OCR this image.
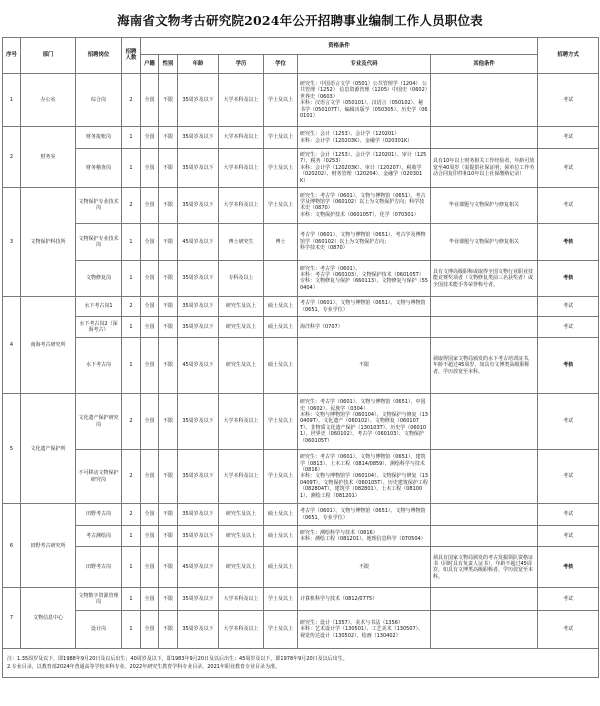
海南省文物考古研究院2024年公开招聘事业编制工作人员职位表
序号	部门	招聘岗位	招聘人数	资格条件							招聘方式
				户籍	性别	年龄	学历	学位	专业及代码	其他条件	
1	办公室	综合岗	2	全国	不限	35周岁及以下	大学本科及以上	学士及以上	研究生：中国语言文学（0501）公共管理学（1204） 公共管理（1252） 信息资源管理（1205）中国史（0602）世界史（0603）
本科：汉语言文学（050101）、汉语言（050102）、秘书学（050107T）、编辑出版学（050305）、历史学（060101）		考试
2	财务室	财务报账岗	1	全国	不限	35周岁及以下	大学本科及以上	学士及以上	研究生：会计（1253）、会计学（120201）
本科：会计学（120203K）、金融学（020301K）		考试
		财务稽查岗	1	全国	不限	35周岁及以下	大学本科及以上	学士及以上	研究生：会计（1253）、会计学（120201）、审计（1257）、税务（0253）
本科：会计学（120203K）、审计（120207）、税收学（020202）、财务管理（120204）、金融学（020301K）	具有10年以上财务相关工作经验者，年龄可放宽至40周岁（需提供社保证明；须单位工作劳动合同复印件和10年以上社保缴纳记录）	考试
3	文物保护科技所	文物保护专业技术岗	2	全国	不限	35周岁及以下	大学本科及以上	学士及以上	研究生：考古学（0601）、文物与博物馆（0651）、考古学及博物馆学（060102）以上为文物保护方向；科学技术史（0870）
本科：文物保护技术（060105T）、化学（070301）	毕业课题与文物保护与修复相关	考试
		文物保护专业技术岗	1	全国	不限	45周岁及以下	博士研究生	博士	考古学（0601）、文物与博物馆（0651）、考古学及博物馆学（060102）以上为文物保护方向；
科学技术史（0870）	毕业课题与文物保护与修复相关	考核
		文物修复岗	1	全国	不限	35周岁及以下	专科及以上		研究生：考古学（0601）、
本科：考古学（060103）、文物保护技术（060105T）
专科：文物修复与保护（660113）、文物修复与保护（550404）	具有文博高级职称或取得全国文物行业职业技能竞赛奖项者（文物修复类前三名获奖者）或全国技术能手等荣誉称号者。	考核
4	南海考古研究所	水下考古岗1	2	全国	不限	35周岁及以下	研究生及以上	硕士及以上	考古学（0601）、文物与博物馆（0651）、文物与博物馆（0651，专业学位）		考试
		水下考古岗2（深海考古）	1	全国	不限	35周岁及以下	研究生及以上	硕士及以上	海洋科学（0707）		考试
		水下考古岗	1	全国	不限	45周岁及以下	研究生及以上	硕士及以上	不限	须取得国家文物局颁发的水下考古培训证书，年龄不超过45周岁，如具有文博类高级职称者，学历放宽至本科。	考核
5	文化遗产保护所	文化遗产保护研究岗	2	全国	不限	35周岁及以下	大学本科及以上	学士及以上	研究生：考古学（0601）、文物与博物馆（0651）、中国史（0602）、民族学（0304）
本科：文物与博物馆学（060104）、文物保护与修复（130409T）、文化遗产（060102）、文物修复（060107T）、非物质文化遗产保护（130103T）、历史学（060101）、世界史（060102）、考古学（060103）、文物保护（060105T）		考试
		不可移动文物保护研究岗	2	全国	不限	35周岁及以下	大学本科及以上	学士及以上	研究生：考古学（0601）、文物与博物馆（0651）、建筑学（0813）、土木工程（0814/0859）、测绘科学与技术（0816）
本科：文物与博物馆学（060104）、文物保护与修复（130409T）、文物保护技术（060105T）、历史建筑保护工程（082804T）、建筑学（082801）、土木工程（081001）、测绘工程（081201）		考试
6	田野考古研究所	田野考古岗	2	全国	不限	35周岁及以下	研究生及以上	硕士及以上	考古学（0601）、文物与博物馆（0651）、文物与博物馆（0651，专业学位）		考试
		考古测绘岗	1	全国	不限	35周岁及以下	研究生及以上	硕士及以上	研究生：测绘科学与技术（0816）
本科：测绘工程（081201）、地理信息科学（070504）		考试
		田野考古岗	1	全国	不限	45周岁及以下	研究生及以上	硕士及以上	不限	须具有国家文物局颁发的考古发掘领队资格证书（同时具有负责人证书），年龄不超过45周岁，如具有文博类高级职称者，学历放宽至本科。	考核
7	文物信息中心	文物数字资源管理岗	1	全国	不限	35周岁及以下	大学本科及以上	学士及以上	计算机科学与技术（0812/0775）		考试
		设计岗	1	全国	不限	35周岁及以下	大学本科及以上	学士及以上	研究生：设计（1357）、美术与书法（1356）
本科：艺术设计学（130501）、工艺美术（130507）、视觉传达设计（130502）、绘画（130402）		考试

注：1.35周岁及以下，即1988年9月20日及以后出生；40周岁及以下，即1983年9月20日及以后出生；45周岁及以下，即1978年9月20日及以后出生。
2.专业目录，以教育部2024年普通高等学校本科专业、2022年研究生教育学科专业目录，2021年职业教育专业目录为准。											
